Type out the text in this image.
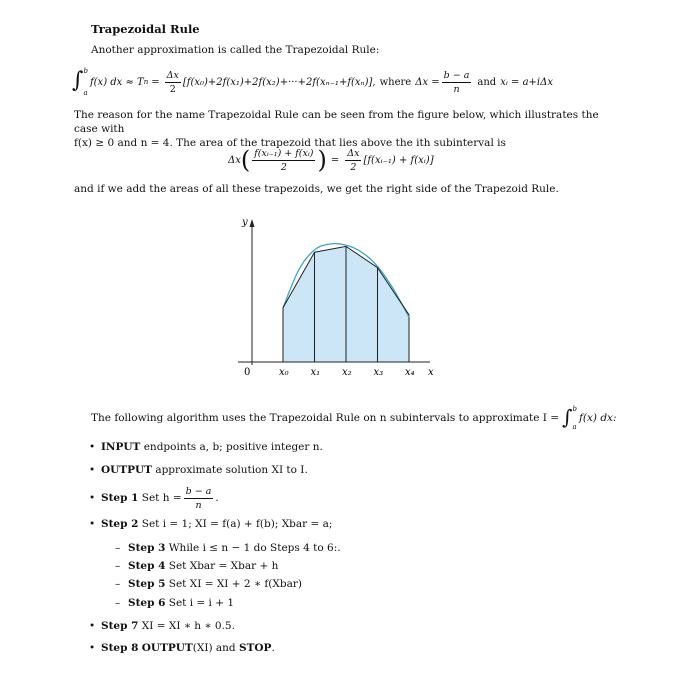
Trapezoidal Rule
Another approximation is called the Trapezoidal Rule:
∫ b
a
f(x) dx ≈ T $n = \frac{\Delta x}{2} [f(x_0)+2f(x_1)+2f(x_2)+\cdot\cdot\cdot+2f(x_{n-1}+f(x_n)]$, where $\Delta x = \frac{b - a}{n}$ and xᵢ = a+iΔx
The reason for the name Trapezoidal Rule can be seen from the figure below, which illustrates the case with
f(x) ≥ 0 and n = 4. The area of the trapezoid that lies above the ith subinterval is
Δx ( $\frac{\text{f(xᵢ₋₁) + f(xᵢ)}}{2}$ ) = $\frac{\Delta x}{2}$ [f(xᵢ₋₁) + f(xᵢ)]
and if we add the areas of all these trapezoids, we get the right side of the Trapezoid Rule.
y
0	x
x₀ x₁ x₂ x₃ x₄
The following algorithm uses the Trapezoidal Rule on n subintervals to approximate I = ∫ b
a
f(x) dx:
• INPUT endpoints a, b; positive integer n.
• OUTPUT approximate solution XI to I.
• Step 1
Set $h = \frac{b - a}{n}$ .
• Step 2 Set i = 1; XI = f(a) + f(b); Xbar = a;
– Step 3 While i ≤ n − 1 do Steps 4 to 6:.
– Step 4 Set Xbar = Xbar + h
– Step 5 Set XI = XI + 2 ∗ f(Xbar)
– Step 6 Set i = i + 1
• Step 7 XI = XI ∗ h ∗ 0.5.
• Step 8 OUTPUT(XI) and STOP.
